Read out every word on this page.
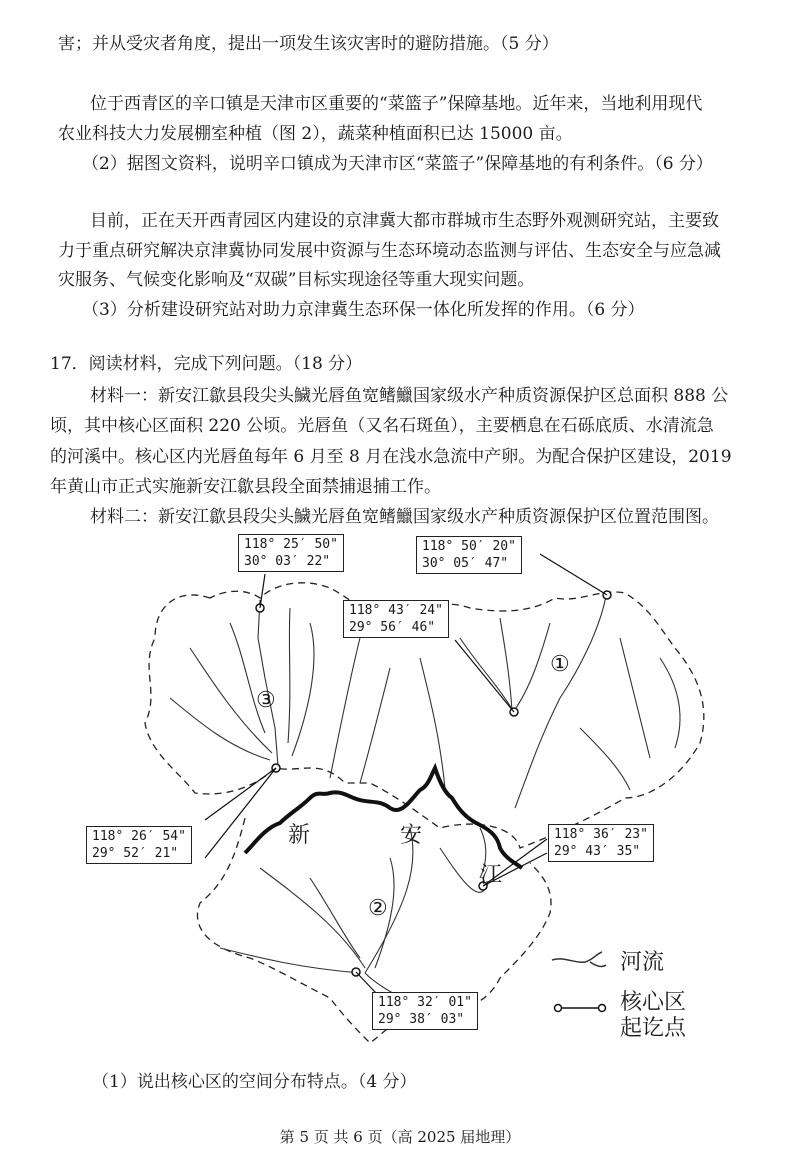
害；并从受灾者角度，提出一项发生该灾害时的避防措施。（5 分）
位于西青区的辛口镇是天津市区重要的“菜篮子”保障基地。近年来，当地利用现代
农业科技大力发展棚室种植（图 2），蔬菜种植面积已达 15000 亩。
（2）据图文资料，说明辛口镇成为天津市区“菜篮子”保障基地的有利条件。（6 分）
目前，正在天开西青园区内建设的京津冀大都市群城市生态野外观测研究站，主要致
力于重点研究解决京津冀协同发展中资源与生态环境动态监测与评估、生态安全与应急减
灾服务、气候变化影响及“双碳”目标实现途径等重大现实问题。
（3）分析建设研究站对助力京津冀生态环保一体化所发挥的作用。（6 分）
17．阅读材料，完成下列问题。（18 分）
材料一：新安江歙县段尖头鱥光唇鱼宽鳍鱲国家级水产种质资源保护区总面积 888 公
顷，其中核心区面积 220 公顷。光唇鱼（又名石斑鱼），主要栖息在石砾底质、水清流急
的河溪中。核心区内光唇鱼每年 6 月至 8 月在浅水急流中产卵。为配合保护区建设，2019
年黄山市正式实施新安江歙县段全面禁捕退捕工作。
材料二：新安江歙县段尖头鱥光唇鱼宽鳍鱲国家级水产种质资源保护区位置范围图。
118° 25′ 50"
30° 03′ 22"
118° 50′ 20"
30° 05′ 47"
118° 43′ 24"
29° 56′ 46"
118° 26′ 54"
29° 52′ 21"
118° 36′ 23"
29° 43′ 35"
118° 32′ 01"
29° 38′ 03"
新	安
江
①
②
③
河流
核心区
起讫点
（1）说出核心区的空间分布特点。（4 分）
第 5 页 共 6 页（高 2025 届地理）
